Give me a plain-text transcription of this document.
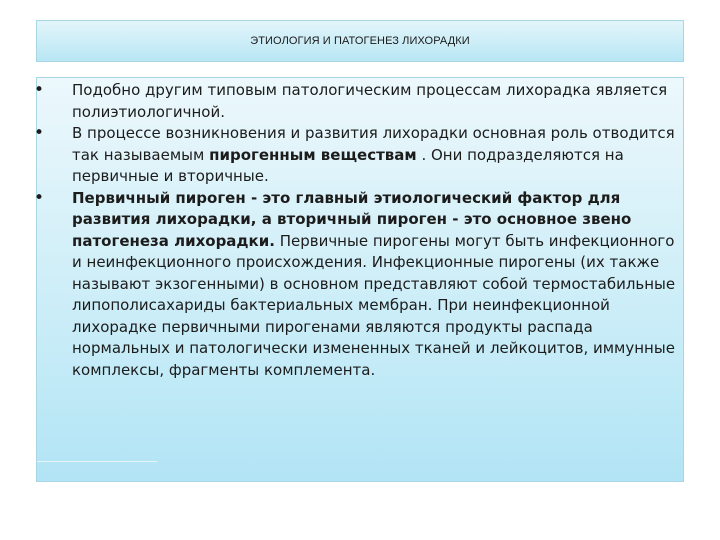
ЭТИОЛОГИЯ И ПАТОГЕНЕЗ ЛИХОРАДКИ
• Подобно другим типовым патологическим процессам лихорадка является полиэтиологичной.
• В процессе возникновения и развития лихорадки основная роль отводится так называемым пирогенным веществам . Они подразделяются на первичные и вторичные.
• Первичный пироген - это главный этиологический фактор для развития лихорадки, а вторичный пироген - это основное звено патогенеза лихорадки. Первичные пирогены могут быть инфекционного и неинфекционного происхождения. Инфекционные пирогены (их также называют экзогенными) в основном представляют собой термостабильные липополисахариды бактериальных мембран. При неинфекционной лихорадке первичными пирогенами являются продукты распада нормальных и патологически измененных тканей и лейкоцитов, иммунные комплексы, фрагменты комплемента.
